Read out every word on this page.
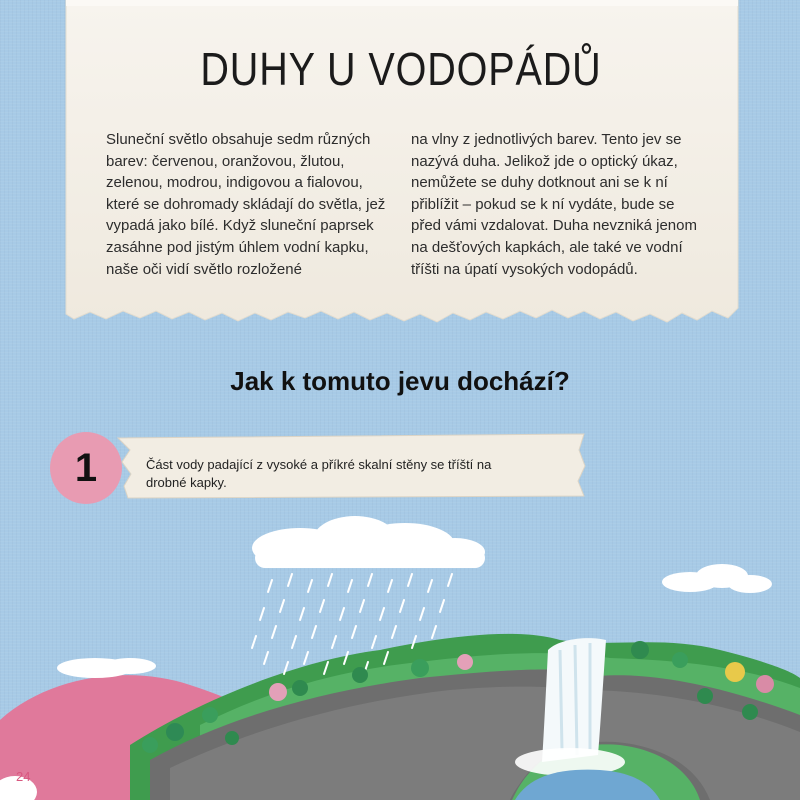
DUHY U VODOPÁDŮ

Sluneční světlo obsahuje sedm různých barev: červenou, oranžovou, žlutou, zelenou, modrou, indigovou a fialovou, které se dohromady skládají do světla, jež vypadá jako bílé. Když sluneční paprsek zasáhne pod jistým úhlem vodní kapku, naše oči vidí světlo rozložené

na vlny z jednotlivých barev. Tento jev se nazývá duha. Jelikož jde o optický úkaz, nemůžete se duhy dotknout ani se k ní přiblížit – pokud se k ní vydáte, bude se před vámi vzdalovat. Duha nevzniká jenom na dešťových kapkách, ale také ve vodní tříšti na úpatí vysokých vodopádů.

Jak k tomuto jevu dochází?
1	Část vody padající z vysoké a příkré skalní stěny se tříští na drobné kapky.

24
